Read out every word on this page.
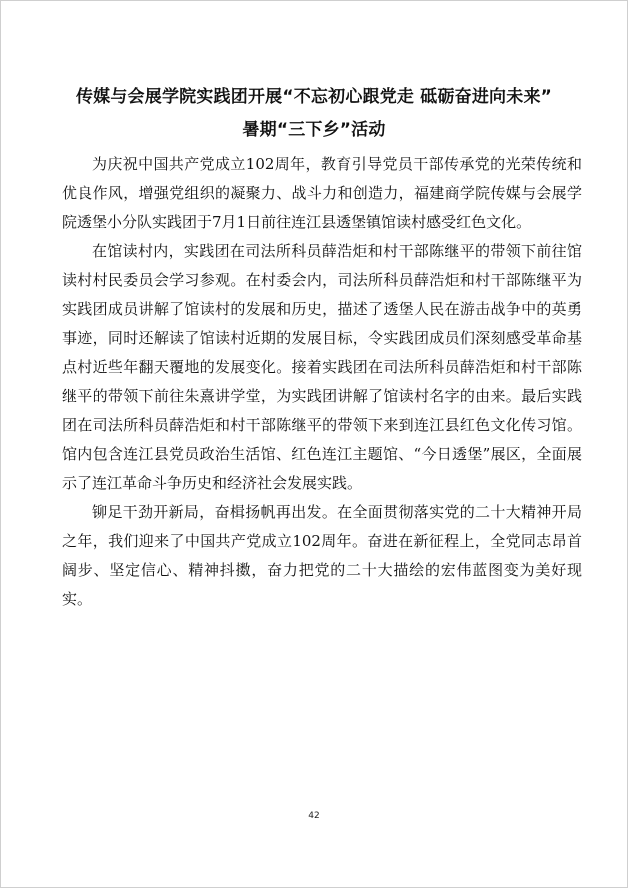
传媒与会展学院实践团开展“不忘初心跟党走 砥砺奋进向未来”
暑期“三下乡”活动

为庆祝中国共产党成立102周年，教育引导党员干部传承党的光荣传统和优良作风，增强党组织的凝聚力、战斗力和创造力，福建商学院传媒与会展学院透堡小分队实践团于7月1日前往连江县透堡镇馆读村感受红色文化。

在馆读村内，实践团在司法所科员薛浩炬和村干部陈继平的带领下前往馆读村村民委员会学习参观。在村委会内，司法所科员薛浩炬和村干部陈继平为实践团成员讲解了馆读村的发展和历史，描述了透堡人民在游击战争中的英勇事迹，同时还解读了馆读村近期的发展目标，令实践团成员们深刻感受革命基点村近些年翻天覆地的发展变化。接着实践团在司法所科员薛浩炬和村干部陈继平的带领下前往朱熹讲学堂，为实践团讲解了馆读村名字的由来。最后实践团在司法所科员薛浩炬和村干部陈继平的带领下来到连江县红色文化传习馆。馆内包含连江县党员政治生活馆、红色连江主题馆、“今日透堡”展区，全面展示了连江革命斗争历史和经济社会发展实践。

铆足干劲开新局，奋楫扬帆再出发。在全面贯彻落实党的二十大精神开局之年，我们迎来了中国共产党成立102周年。奋进在新征程上，全党同志昂首阔步、坚定信心、精神抖擞，奋力把党的二十大描绘的宏伟蓝图变为美好现实。

42
